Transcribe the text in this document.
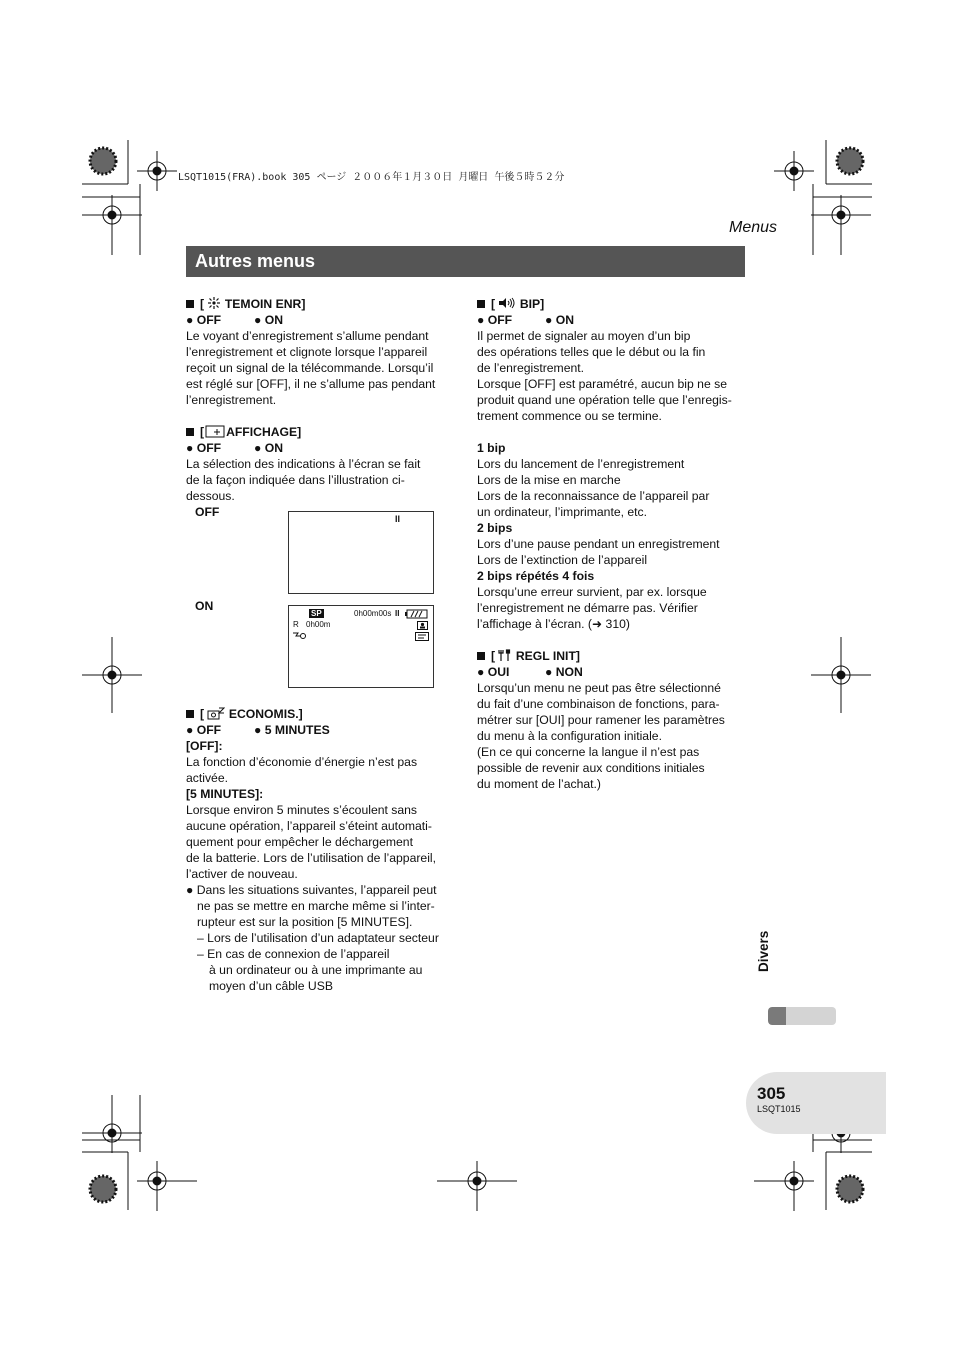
LSQT1015(FRA).book 305 ページ ２００６年１月３０日 月曜日 午後５時５２分
Menus
Autres menus

[  TEMOIN ENR]

● OFF	● ON

Le voyant d’enregistrement s’allume pendant

l’enregistrement et clignote lorsque l’appareil

reçoit un signal de la télécommande. Lorsqu’il

est réglé sur [OFF], il ne s’allume pas pendant

l’enregistrement.

[ AFFICHAGE]

● OFF	● ON

La sélection des indications à l’écran se fait

de la façon indiquée dans l’illustration ci-

dessous.

OFF
ON
II
SP	0h00m00s II
R 0h00m

[  ECONOMIS.]

● OFF	● 5 MINUTES

[OFF]:

La fonction d’économie d’énergie n’est pas

activée.

[5 MINUTES]:

Lorsque environ 5 minutes s’écoulent sans

aucune opération, l’appareil s’éteint automati-

quement pour empêcher le déchargement

de la batterie. Lors de l’utilisation de l’appareil,

l’activer de nouveau.

● Dans les situations suivantes, l’appareil peut

ne pas se mettre en marche même si l’inter-

rupteur est sur la position [5 MINUTES].

– Lors de l’utilisation d’un adaptateur secteur

– En cas de connexion de l’appareil

à un ordinateur ou à une imprimante au

moyen d’un câble USB

[  BIP]

● OFF	● ON

Il permet de signaler au moyen d’un bip

des opérations telles que le début ou la fin

de l’enregistrement.

Lorsque [OFF] est paramétré, aucun bip ne se

produit quand une opération telle que l’enregis-

trement commence ou se termine.

1 bip

Lors du lancement de l’enregistrement

Lors de la mise en marche

Lors de la reconnaissance de l’appareil par

un ordinateur, l’imprimante, etc.

2 bips

Lors d’une pause pendant un enregistrement

Lors de l’extinction de l’appareil

2 bips répétés 4 fois

Lorsqu’une erreur survient, par ex. lorsque

l’enregistrement ne démarre pas. Vérifier

l’affichage à l’écran. (➜ 310)

[  REGL INIT]

● OUI	● NON

Lorsqu’un menu ne peut pas être sélectionné

du fait d’une combinaison de fonctions, para-

métrer sur [OUI] pour ramener les paramètres

du menu à la configuration initiale.

(En ce qui concerne la langue il n’est pas

possible de revenir aux conditions initiales

du moment de l’achat.)

Divers
305
LSQT1015
